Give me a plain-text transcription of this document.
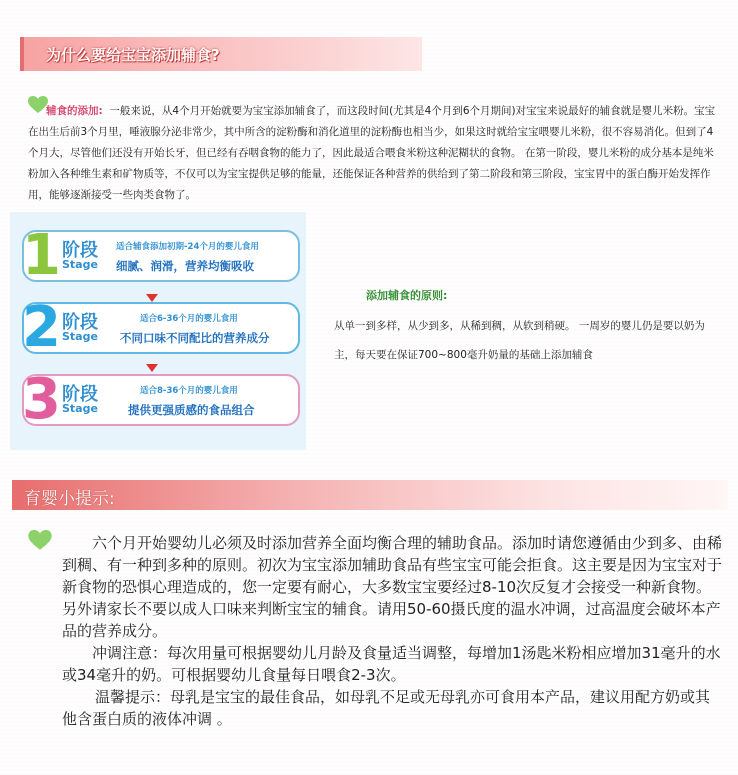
为什么要给宝宝添加辅食?
辅食的添加: 一般来说，从4个月开始就要为宝宝添加辅食了，而这段时间(尤其是4个月到6个月期间)对宝宝来说最好的辅食就是婴儿米粉。宝宝在出生后前3个月里，唾液腺分泌非常少，其中所含的淀粉酶和消化道里的淀粉酶也相当少，如果这时就给宝宝喂婴儿米粉，很不容易消化。但到了4个月大，尽管他们还没有开始长牙，但已经有吞咽食物的能力了，因此最适合喂食米粉这种泥糊状的食物。 在第一阶段，婴儿米粉的成分基本是纯米粉加入各种维生素和矿物质等，不仅可以为宝宝提供足够的能量，还能保证各种营养的供给到了第二阶段和第三阶段，宝宝胃中的蛋白酶开始发挥作用，能够逐渐接受一些肉类食物了。
1 阶段
Stage
适合辅食添加初期-24个月的婴儿食用
细腻、润滑，营养均衡吸收
2 阶段
Stage
适合6-36个月的婴儿食用
不同口味不同配比的营养成分
3 阶段
Stage
适合8-36个月的婴儿食用
提供更强质感的食品组合
添加辅食的原则:
从单一到多样，从少到多，从稀到稠，从软到稍硬。 一周岁的婴儿仍是要以奶为主，每天要在保证700~800毫升奶量的基础上添加辅食
育婴小提示:

六个月开始婴幼儿必须及时添加营养全面均衡合理的辅助食品。添加时请您遵循由少到多、由稀到稠、有一种到多种的原则。初次为宝宝添加辅助食品有些宝宝可能会拒食。这主要是因为宝宝对于新食物的恐惧心理造成的，您一定要有耐心，大多数宝宝要经过8-10次反复才会接受一种新食物。另外请家长不要以成人口味来判断宝宝的辅食。请用50-60摄氏度的温水冲调，过高温度会破坏本产品的营养成分。

冲调注意：每次用量可根据婴幼儿月龄及食量适当调整，每增加1汤匙米粉相应增加31毫升的水或34毫升的奶。可根据婴幼儿食量每日喂食2-3次。

温馨提示：母乳是宝宝的最佳食品，如母乳不足或无母乳亦可食用本产品，建议用配方奶或其他含蛋白质的液体冲调 。
